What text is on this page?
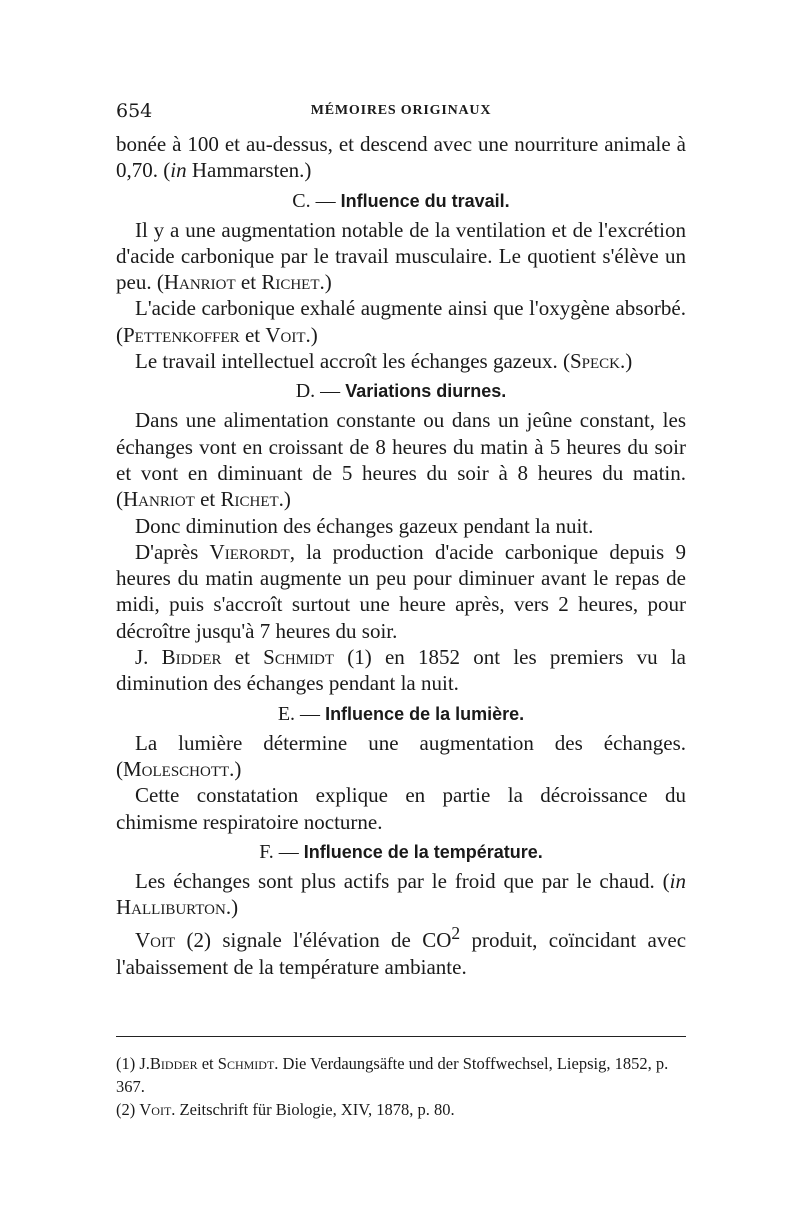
654	MÉMOIRES ORIGINAUX

bonée à 100 et au-dessus, et descend avec une nourriture animale à 0,70. (in Hammarsten.)

C. — Influence du travail.

Il y a une augmentation notable de la ventilation et de l'excrétion d'acide carbonique par le travail musculaire. Le quotient s'élève un peu. (Hanriot et Richet.)

L'acide carbonique exhalé augmente ainsi que l'oxygène absorbé. (Pettenkoffer et Voit.)

Le travail intellectuel accroît les échanges gazeux. (Speck.)

D. — Variations diurnes.

Dans une alimentation constante ou dans un jeûne constant, les échanges vont en croissant de 8 heures du matin à 5 heures du soir et vont en diminuant de 5 heures du soir à 8 heures du matin. (Hanriot et Richet.)

Donc diminution des échanges gazeux pendant la nuit.

D'après Vierordt, la production d'acide carbonique depuis 9 heures du matin augmente un peu pour diminuer avant le repas de midi, puis s'accroît surtout une heure après, vers 2 heures, pour décroître jusqu'à 7 heures du soir.

J. Bidder et Schmidt (1) en 1852 ont les premiers vu la diminution des échanges pendant la nuit.

E. — Influence de la lumière.

La lumière détermine une augmentation des échanges. (Moleschott.)

Cette constatation explique en partie la décroissance du chimisme respiratoire nocturne.

F. — Influence de la température.

Les échanges sont plus actifs par le froid que par le chaud. (in Halliburton.)

Voit (2) signale l'élévation de $CO^2$ produit, coïncidant avec l'abaissement de la température ambiante.

(1) J.Bidder et Schmidt. Die Verdaungsäfte und der Stoffwechsel, Liepsig, 1852, p. 367.

(2) Voit. Zeitschrift für Biologie, XIV, 1878, p. 80.
